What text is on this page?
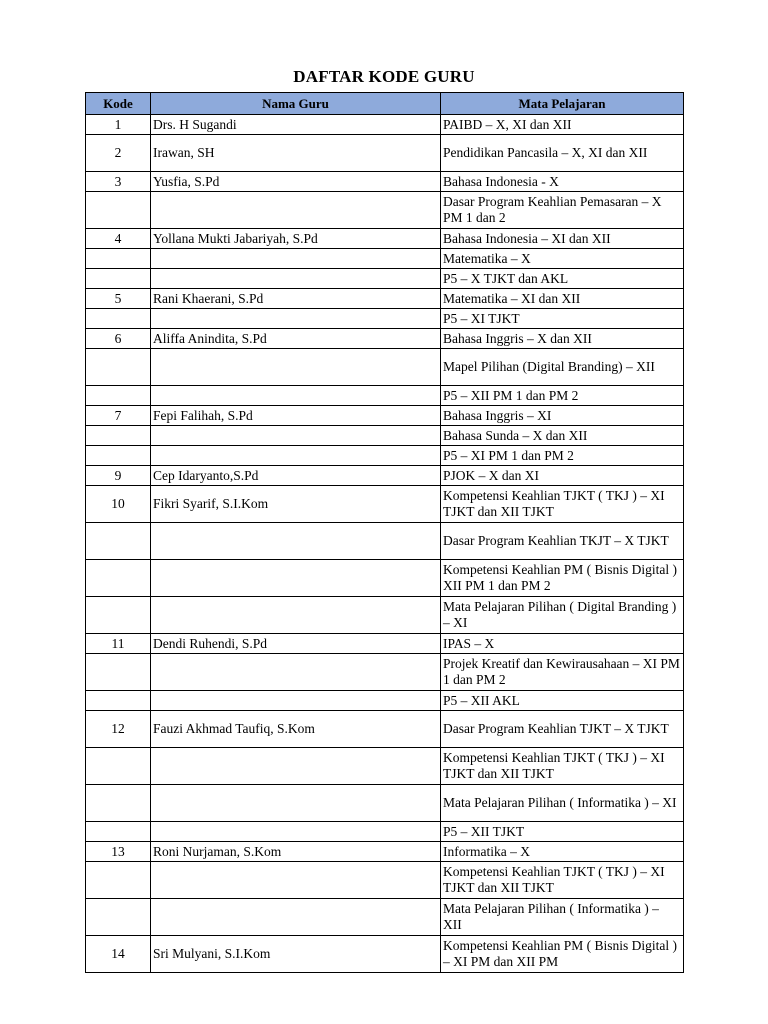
DAFTAR KODE GURU
Kode	Nama Guru	Mata Pelajaran
1	Drs. H Sugandi	PAIBD – X, XI dan XII
2	Irawan, SH	Pendidikan Pancasila – X, XI dan XII
3	Yusfia, S.Pd	Bahasa Indonesia - X
		Dasar Program Keahlian Pemasaran – X PM 1 dan 2
4	Yollana Mukti Jabariyah, S.Pd	Bahasa Indonesia – XI dan XII
		Matematika – X
		P5 – X TJKT dan AKL
5	Rani Khaerani, S.Pd	Matematika – XI dan XII
		P5 – XI TJKT
6	Aliffa Anindita, S.Pd	Bahasa Inggris – X dan XII
		Mapel Pilihan (Digital Branding) – XII
		P5 – XII PM 1 dan PM 2
7	Fepi Falihah, S.Pd	Bahasa Inggris – XI
		Bahasa Sunda – X dan XII
		P5 – XI PM 1 dan PM 2
9	Cep Idaryanto,S.Pd	PJOK – X dan XI
10	Fikri Syarif, S.I.Kom	Kompetensi Keahlian TJKT ( TKJ ) – XI TJKT dan XII TJKT
		Dasar Program Keahlian TKJT – X TJKT
		Kompetensi Keahlian PM ( Bisnis Digital ) XII PM 1 dan PM 2
		Mata Pelajaran Pilihan ( Digital Branding ) – XI
11	Dendi Ruhendi, S.Pd	IPAS – X
		Projek Kreatif dan Kewirausahaan – XI PM 1 dan PM 2
		P5 – XII AKL
12	Fauzi Akhmad Taufiq, S.Kom	Dasar Program Keahlian TJKT – X TJKT
		Kompetensi Keahlian TJKT ( TKJ ) – XI TJKT dan XII TJKT
		Mata Pelajaran Pilihan ( Informatika ) – XI
		P5 – XII TJKT
13	Roni Nurjaman, S.Kom	Informatika – X
		Kompetensi Keahlian TJKT ( TKJ ) – XI TJKT dan XII TJKT
		Mata Pelajaran Pilihan ( Informatika ) – XII
14	Sri Mulyani, S.I.Kom	Kompetensi Keahlian PM ( Bisnis Digital ) – XI PM dan XII PM
